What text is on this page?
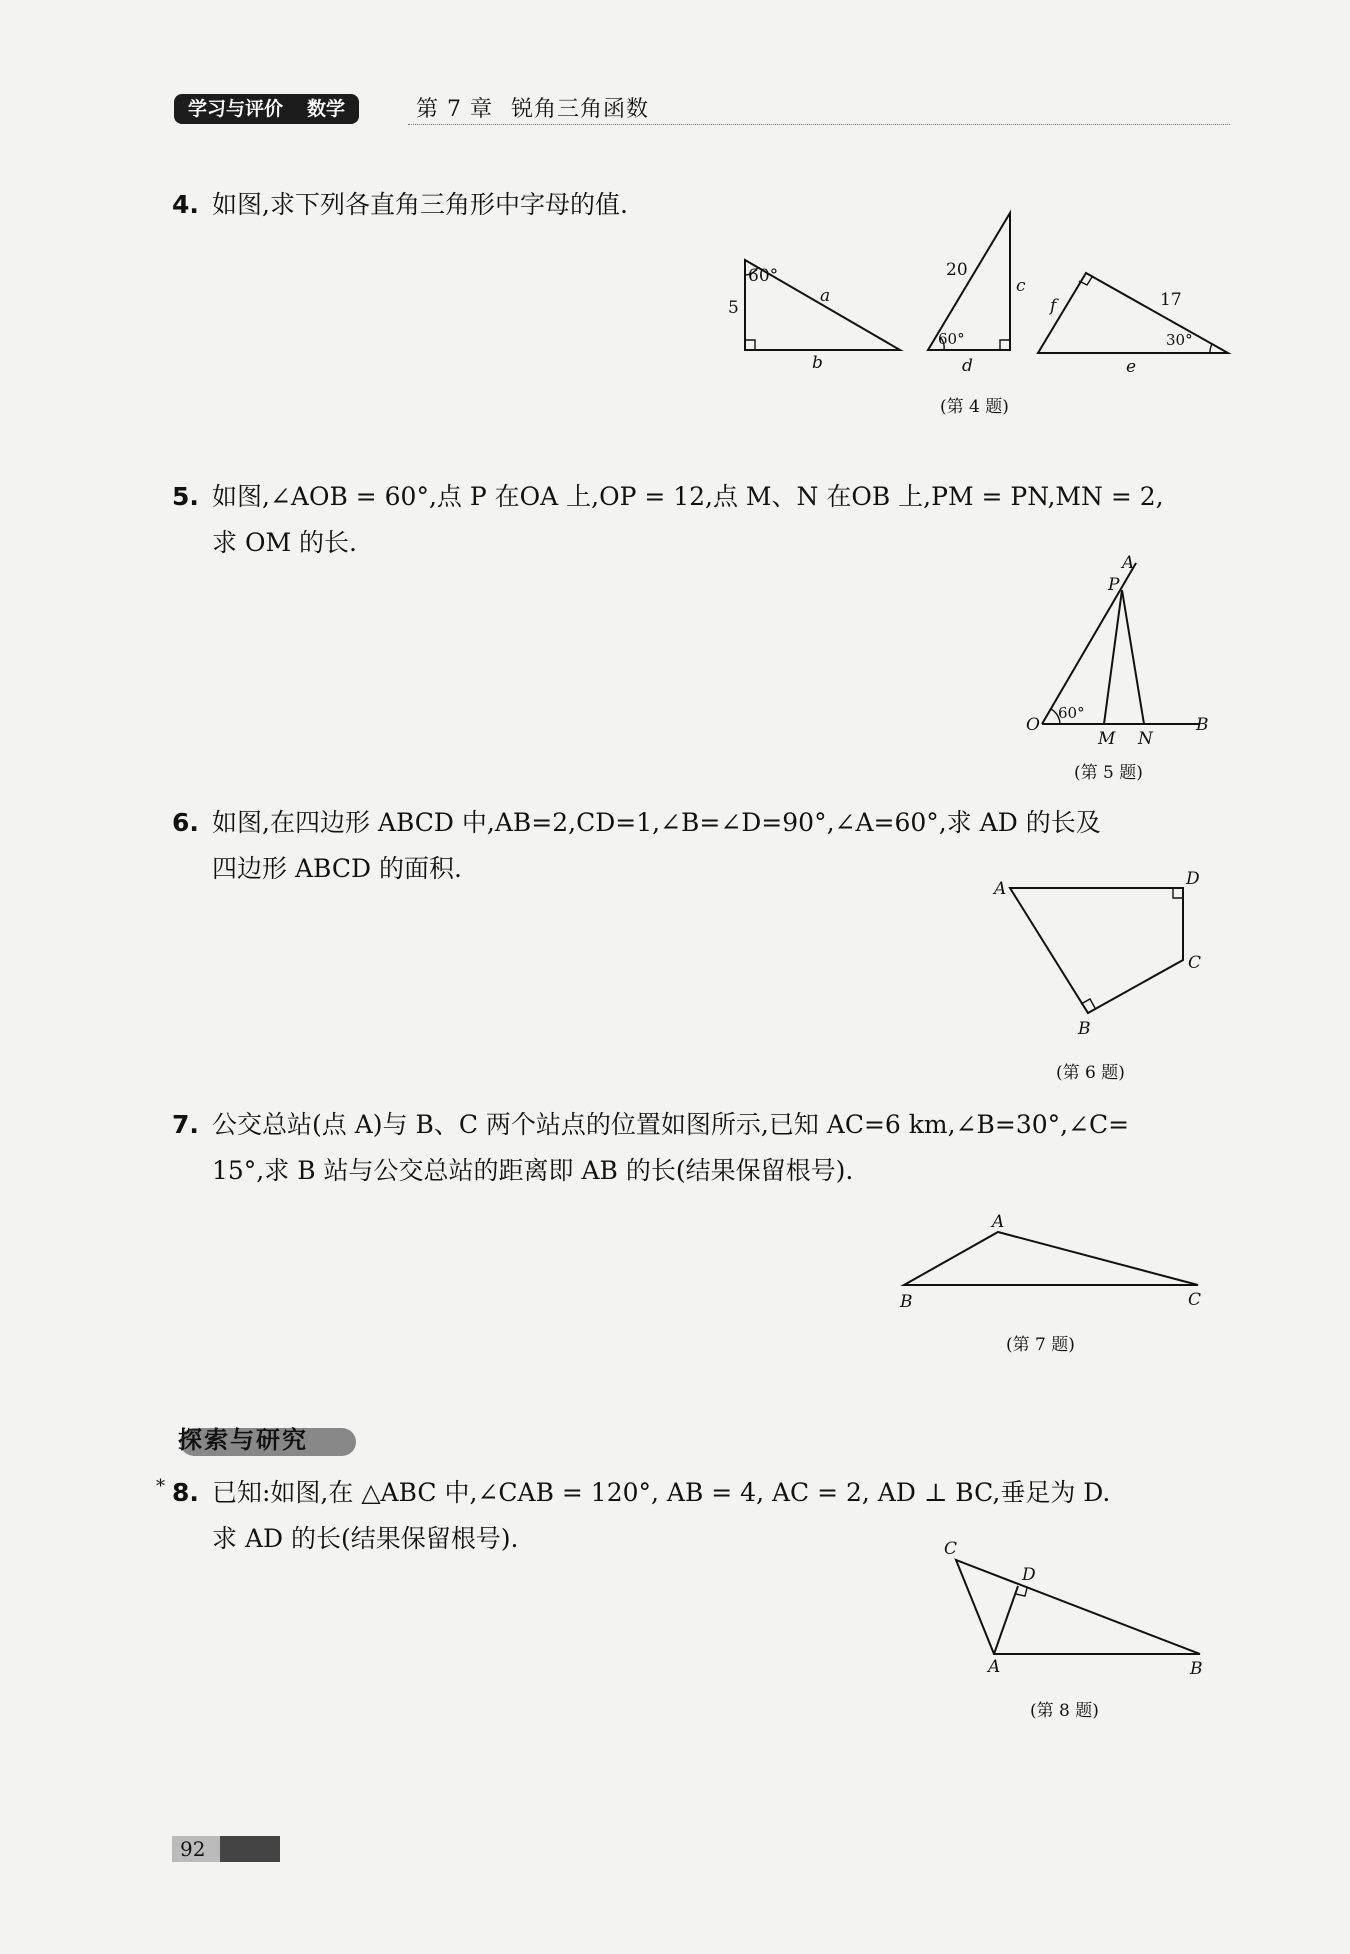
学习与评价 数学	第 7 章 锐角三角函数
4. 如图,求下列各直角三角形中字母的值.
60°
5
a
b
20
c
60°
d
f	17
30°
e
(第 4 题)
5. 如图,∠AOB = 60°,点 P 在OA 上,OP = 12,点 M、N 在OB 上,PM = PN,MN = 2,
求 OM 的长.
A
P
O	B
M N
60°
(第 5 题)
6. 如图,在四边形 ABCD 中,AB=2,CD=1,∠B=∠D=90°,∠A=60°,求 AD 的长及
四边形 ABCD 的面积.
A	D
C
B
(第 6 题)
7. 公交总站(点 A)与 B、C 两个站点的位置如图所示,已知 AC=6 km,∠B=30°,∠C=
15°,求 B 站与公交总站的距离即 AB 的长(结果保留根号).
A
B	C
(第 7 题)
探索与研究
* 8. 已知:如图,在 △ABC 中,∠CAB = 120°, AB = 4, AC = 2, AD ⊥ BC,垂足为 D.
求 AD 的长(结果保留根号).	C
D
A	B
(第 8 题)
92
